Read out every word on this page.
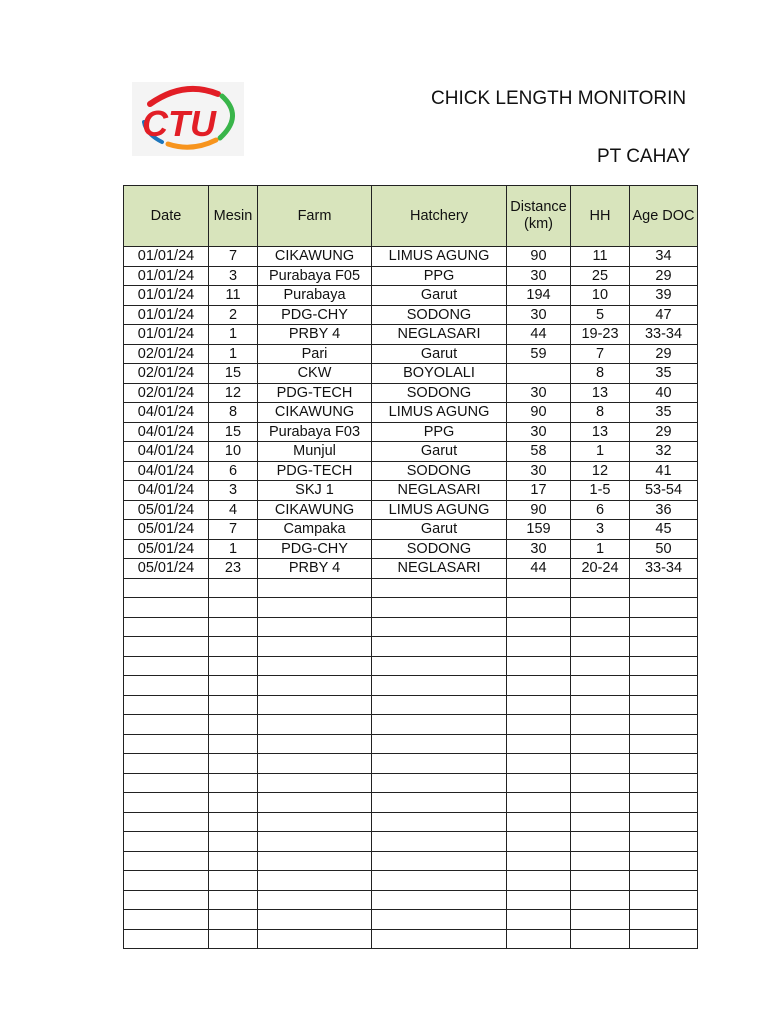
CTU
CHICK LENGTH MONITORIN
PT CAHAY
Date	Mesin	Farm	Hatchery	Distance (km)	HH	Age DOC
01/01/24	7	CIKAWUNG	LIMUS AGUNG	90	11	34
01/01/24	3	Purabaya F05	PPG	30	25	29
01/01/24	11	Purabaya	Garut	194	10	39
01/01/24	2	PDG-CHY	SODONG	30	5	47
01/01/24	1	PRBY 4	NEGLASARI	44	19-23	33-34
02/01/24	1	Pari	Garut	59	7	29
02/01/24	15	CKW	BOYOLALI		8	35
02/01/24	12	PDG-TECH	SODONG	30	13	40
04/01/24	8	CIKAWUNG	LIMUS AGUNG	90	8	35
04/01/24	15	Purabaya F03	PPG	30	13	29
04/01/24	10	Munjul	Garut	58	1	32
04/01/24	6	PDG-TECH	SODONG	30	12	41
04/01/24	3	SKJ 1	NEGLASARI	17	1-5	53-54
05/01/24	4	CIKAWUNG	LIMUS AGUNG	90	6	36
05/01/24	7	Campaka	Garut	159	3	45
05/01/24	1	PDG-CHY	SODONG	30	1	50
05/01/24	23	PRBY 4	NEGLASARI	44	20-24	33-34
